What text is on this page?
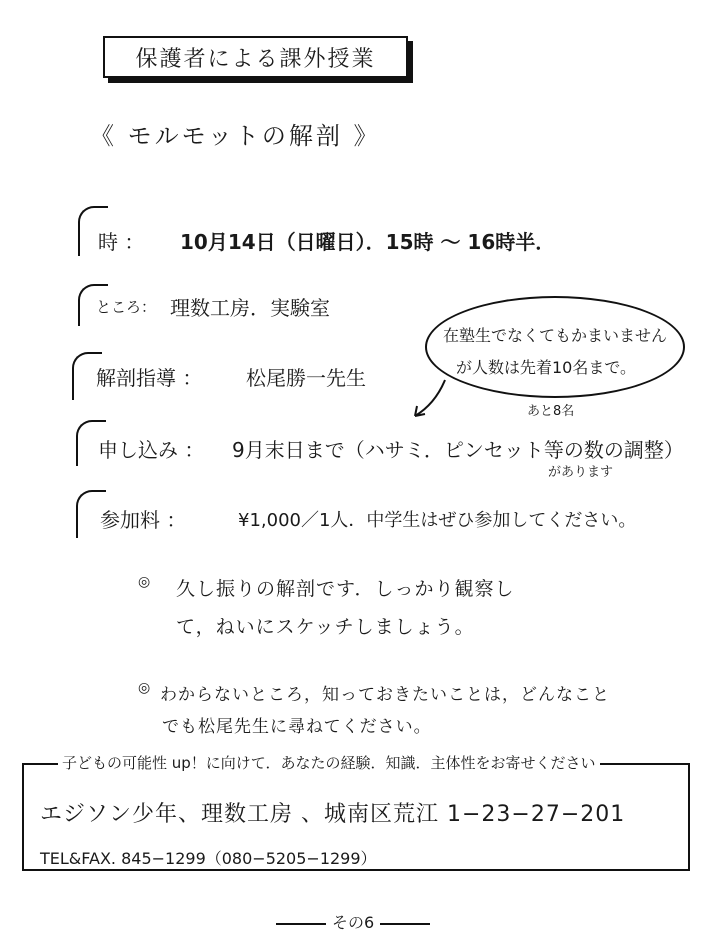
保護者による課外授業
《 モルモットの解剖 》
時 ： 10月14日（日曜日）．15時 〜 16時半．
ところ： 理数工房．実験室
解剖指導 ： 松尾勝一先生
在塾生でなくてもかまいません
が人数は先着10名まで。
あと8名
申し込み ： 9月末日まで（ハサミ．ピンセット等の数の調整）
があります
参加料 ：	¥1,000／1人．中学生はぜひ参加してください。
◎ 久し振りの解剖です．しっかり観察し
て，ねいにスケッチしましょう。
◎ わからないところ，知っておきたいことは，どんなこと
でも松尾先生に尋ねてください。
子どもの可能性 up！に向けて．あなたの経験．知識．主体性をお寄せください
エジソン少年、理数工房 、城南区荒江 1−23−27−201
TEL&FAX. 845−1299（080−5205−1299）
その6
